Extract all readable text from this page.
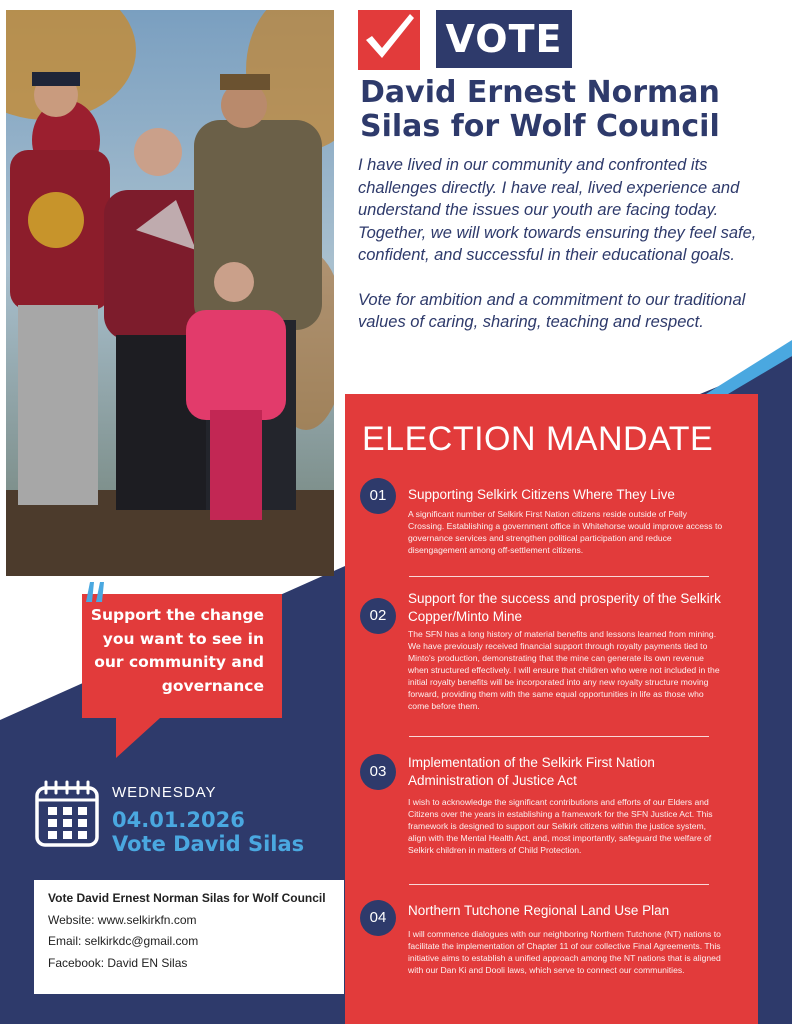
VOTE
David Ernest Norman Silas for Wolf Council

I have lived in our community and confronted its challenges directly. I have real, lived experience and understand the issues our youth are facing today. Together, we will work towards ensuring they feel safe, confident, and successful in their educational goals.

Vote for ambition and a commitment to our traditional values of caring, sharing, teaching and respect.

ELECTION MANDATE
01	Supporting Selkirk Citizens Where They Live
A significant number of Selkirk First Nation citizens reside outside of Pelly Crossing. Establishing a government office in Whitehorse would improve access to governance services and strengthen political participation and reduce disengagement among off-settlement citizens.
02
Support for the success and prosperity of the Selkirk Copper/Minto Mine
The SFN has a long history of material benefits and lessons learned from mining. We have previously received financial support through royalty payments tied to Minto's production, demonstrating that the mine can generate its own revenue when structured effectively. I will ensure that children who were not included in the initial royalty benefits will be incorporated into any new royalty structure moving forward, providing them with the same equal opportunities in life as those who come before them.
03
Implementation of the Selkirk First Nation Administration of Justice Act
I wish to acknowledge the significant contributions and efforts of our Elders and Citizens over the years in establishing a framework for the SFN Justice Act. This framework is designed to support our Selkirk citizens within the justice system, align with the Mental Health Act, and, most importantly, safeguard the welfare of Selkirk children in matters of Child Protection.
04	Northern Tutchone Regional Land Use Plan
I will commence dialogues with our neighboring Northern Tutchone (NT) nations to facilitate the implementation of Chapter 11 of our collective Final Agreements. This initiative aims to establish a unified approach among the NT nations that is aligned with our Dan Ki and Dooli laws, which serve to connect our communities.
Support the change you want to see in our community and governance
WEDNESDAY
04.01.2026
Vote David Silas
Vote David Ernest Norman Silas for Wolf Council
Website: www.selkirkfn.com
Email: selkirkdc@gmail.com
Facebook: David EN Silas
